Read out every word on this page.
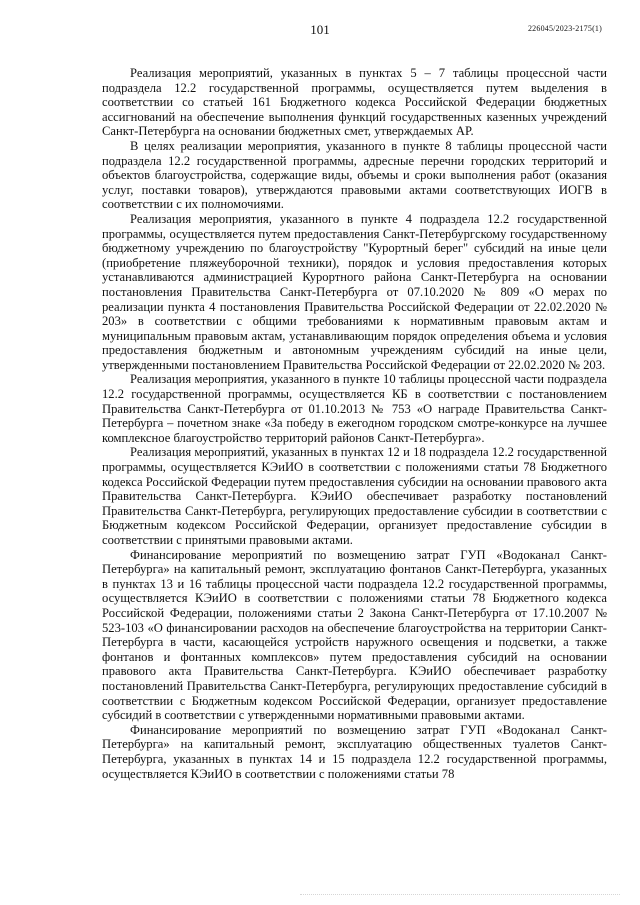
101	226045/2023-2175(1)

Реализация мероприятий, указанных в пунктах 5 – 7 таблицы процессной части подраздела 12.2 государственной программы, осуществляется путем выделения в соответствии со статьей 161 Бюджетного кодекса Российской Федерации бюджетных ассигнований на обеспечение выполнения функций государственных казенных учреждений Санкт-Петербурга на основании бюджетных смет, утверждаемых АР.

В целях реализации мероприятия, указанного в пункте 8 таблицы процессной части подраздела 12.2 государственной программы, адресные перечни городских территорий и объектов благоустройства, содержащие виды, объемы и сроки выполнения работ (оказания услуг, поставки товаров), утверждаются правовыми актами соответствующих ИОГВ в соответствии с их полномочиями.

Реализация мероприятия, указанного в пункте 4 подраздела 12.2 государственной программы, осуществляется путем предоставления Санкт-Петербургскому государственному бюджетному учреждению по благоустройству "Курортный берег" субсидий на иные цели (приобретение пляжеуборочной техники), порядок и условия предоставления которых устанавливаются администрацией Курортного района Санкт-Петербурга на основании постановления Правительства Санкт-Петербурга от 07.10.2020 № 809 «О мерах по реализации пункта 4 постановления Правительства Российской Федерации от 22.02.2020 № 203» в соответствии с общими требованиями к нормативным правовым актам и муниципальным правовым актам, устанавливающим порядок определения объема и условия предоставления бюджетным и автономным учреждениям субсидий на иные цели, утвержденными постановлением Правительства Российской Федерации от 22.02.2020 № 203.

Реализация мероприятия, указанного в пункте 10 таблицы процессной части подраздела 12.2 государственной программы, осуществляется КБ в соответствии с постановлением Правительства Санкт-Петербурга от 01.10.2013 № 753 «О награде Правительства Санкт-Петербурга – почетном знаке «За победу в ежегодном городском смотре-конкурсе на лучшее комплексное благоустройство территорий районов Санкт-Петербурга».

Реализация мероприятий, указанных в пунктах 12 и 18 подраздела 12.2 государственной программы, осуществляется КЭиИО в соответствии с положениями статьи 78 Бюджетного кодекса Российской Федерации путем предоставления субсидии на основании правового акта Правительства Санкт-Петербурга. КЭиИО обеспечивает разработку постановлений Правительства Санкт-Петербурга, регулирующих предоставление субсидии в соответствии с Бюджетным кодексом Российской Федерации, организует предоставление субсидии в соответствии с принятыми правовыми актами.

Финансирование мероприятий по возмещению затрат ГУП «Водоканал Санкт-Петербурга» на капитальный ремонт, эксплуатацию фонтанов Санкт-Петербурга, указанных в пунктах 13 и 16 таблицы процессной части подраздела 12.2 государственной программы, осуществляется КЭиИО в соответствии с положениями статьи 78 Бюджетного кодекса Российской Федерации, положениями статьи 2 Закона Санкт-Петербурга от 17.10.2007 № 523-103 «О финансировании расходов на обеспечение благоустройства на территории Санкт-Петербурга в части, касающейся устройств наружного освещения и подсветки, а также фонтанов и фонтанных комплексов» путем предоставления субсидий на основании правового акта Правительства Санкт-Петербурга. КЭиИО обеспечивает разработку постановлений Правительства Санкт-Петербурга, регулирующих предоставление субсидий в соответствии с Бюджетным кодексом Российской Федерации, организует предоставление субсидий в соответствии с утвержденными нормативными правовыми актами.

Финансирование мероприятий по возмещению затрат ГУП «Водоканал Санкт-Петербурга» на капитальный ремонт, эксплуатацию общественных туалетов Санкт-Петербурга, указанных в пунктах 14 и 15 подраздела 12.2 государственной программы, осуществляется КЭиИО в соответствии с положениями статьи 78
